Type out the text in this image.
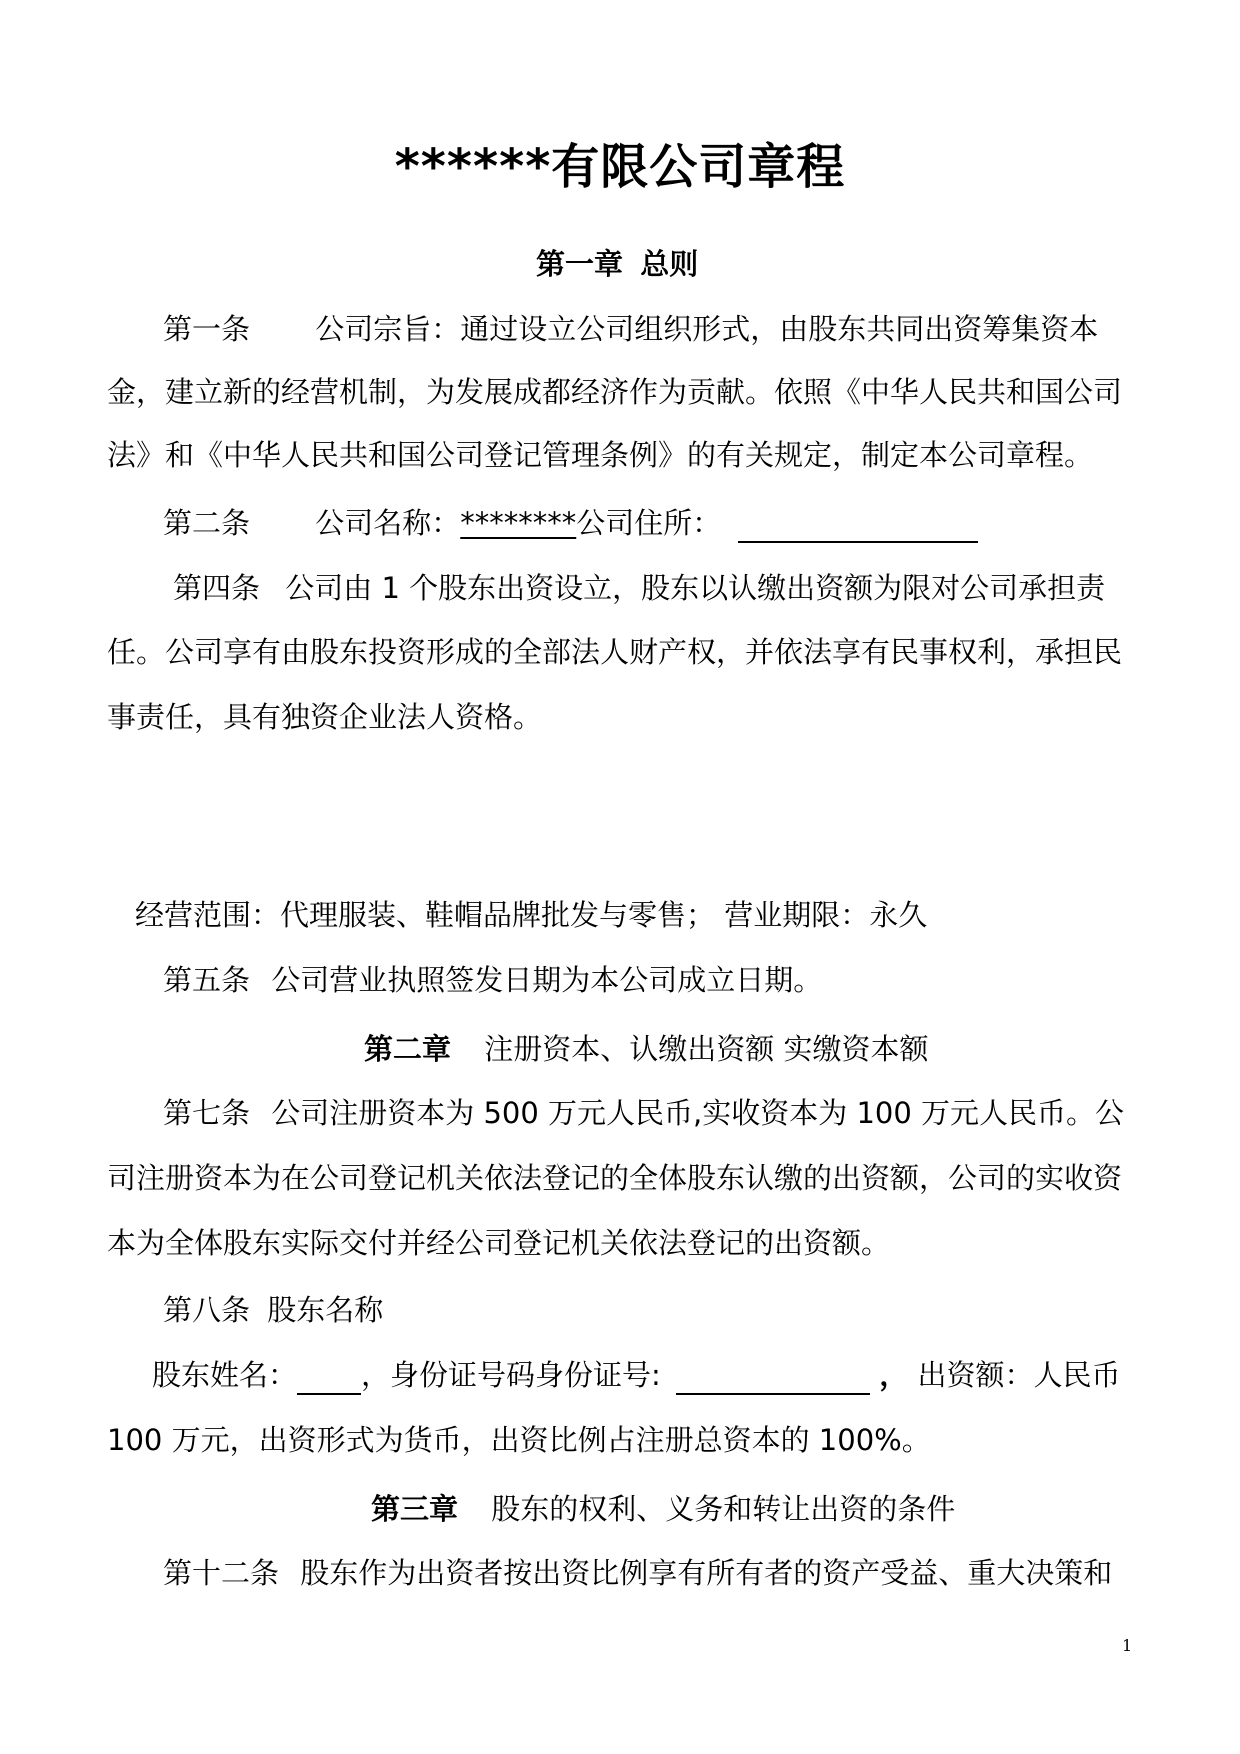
******有限公司章程
第一章 总则
第一条 公司宗旨：通过设立公司组织形式，由股东共同出资筹集资本
金，建立新的经营机制，为发展成都经济作为贡献。依照《中华人民共和国公司
法》和《中华人民共和国公司登记管理条例》的有关规定，制定本公司章程。
第二条 公司名称：********公司住所：
第四条 公司由 1 个股东出资设立，股东以认缴出资额为限对公司承担责
任。公司享有由股东投资形成的全部法人财产权，并依法享有民事权利，承担民
事责任，具有独资企业法人资格。
经营范围：代理服装、鞋帽品牌批发与零售； 营业期限：永久
第五条 公司营业执照签发日期为本公司成立日期。
第二章 注册资本、认缴出资额 实缴资本额
第七条 公司注册资本为 500 万元人民币,实收资本为 100 万元人民币。公
司注册资本为在公司登记机关依法登记的全体股东认缴的出资额，公司的实收资
本为全体股东实际交付并经公司登记机关依法登记的出资额。
第八条 股东名称
股东姓名： ，身份证号码身份证号:	， 出资额：人民币
100 万元，出资形式为货币，出资比例占注册总资本的 100%。
第三章 股东的权利、义务和转让出资的条件
第十二条 股东作为出资者按出资比例享有所有者的资产受益、重大决策和
1
